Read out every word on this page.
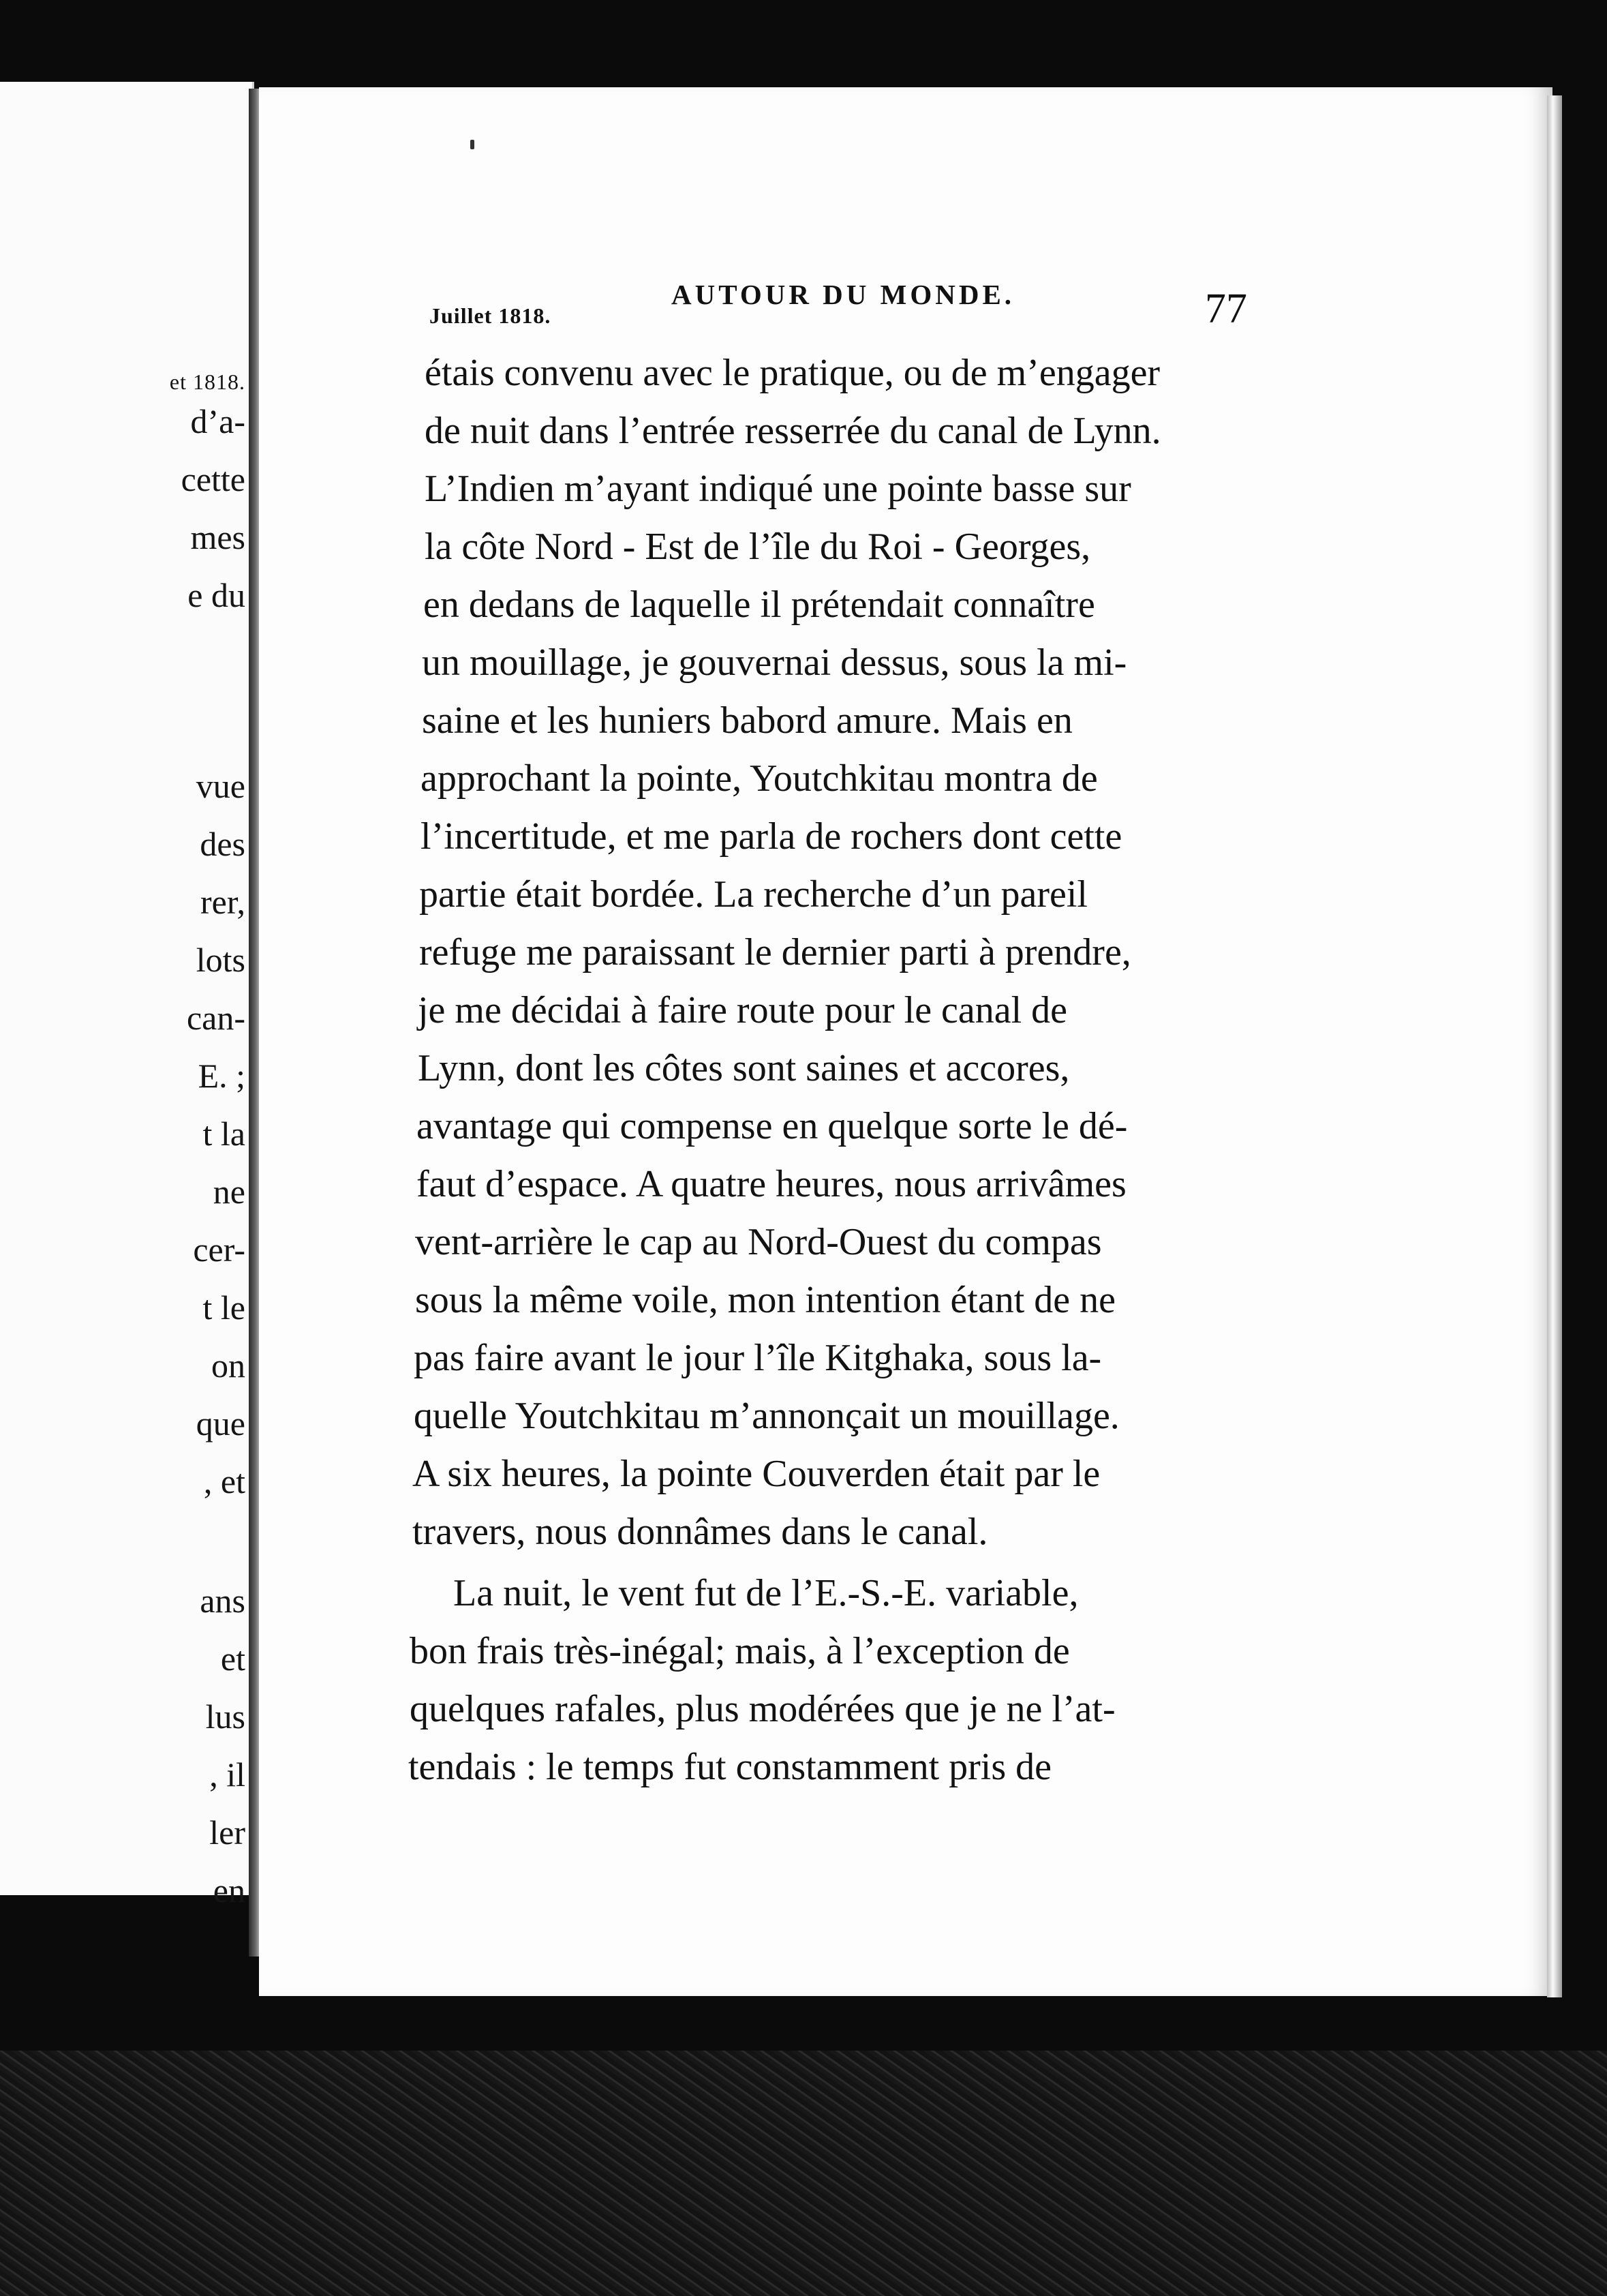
et 1818.
d’a-
cette
mes
e du
vue
des
rer,
lots
can-
E. ;
t la
ne
cer-
t le
on
que
, et
ans
et
lus
, il
ler
en
AUTOUR DU MONDE.	77
Juillet 1818.
étais convenu avec le pratique, ou de m’engager
de nuit dans l’entrée resserrée du canal de Lynn.
L’Indien m’ayant indiqué une pointe basse sur
la côte Nord - Est de l’île du Roi - Georges,
en dedans de laquelle il prétendait connaître
un mouillage, je gouvernai dessus, sous la mi-
saine et les huniers babord amure. Mais en
approchant la pointe, Youtchkitau montra de
l’incertitude, et me parla de rochers dont cette
partie était bordée. La recherche d’un pareil
refuge me paraissant le dernier parti à prendre,
je me décidai à faire route pour le canal de
Lynn, dont les côtes sont saines et accores,
avantage qui compense en quelque sorte le dé-
faut d’espace. A quatre heures, nous arrivâmes
vent-arrière le cap au Nord-Ouest du compas
sous la même voile, mon intention étant de ne
pas faire avant le jour l’île Kitghaka, sous la-
quelle Youtchkitau m’annonçait un mouillage.
A six heures, la pointe Couverden était par le
travers, nous donnâmes dans le canal.
La nuit, le vent fut de l’E.-S.-E. variable,
bon frais très-inégal; mais, à l’exception de
quelques rafales, plus modérées que je ne l’at-
tendais : le temps fut constamment pris de
